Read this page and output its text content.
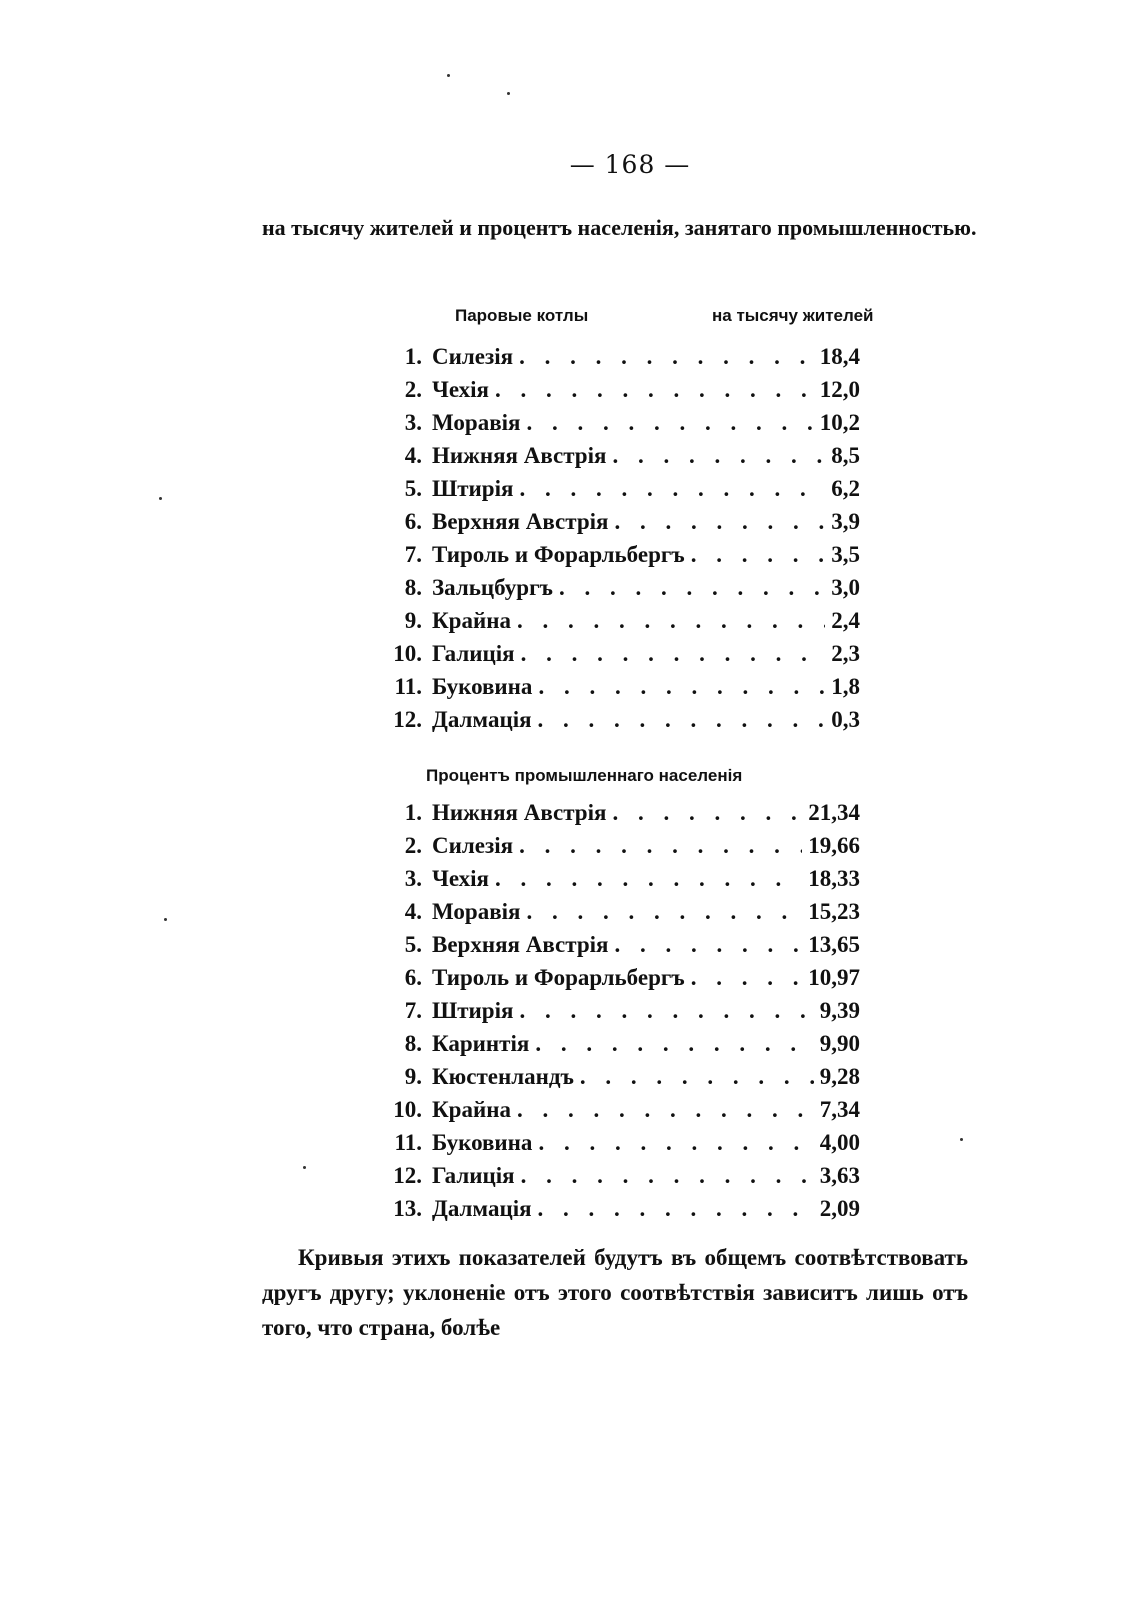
— 168 —
на тысячу жителей и процентъ населенія, занятаго промышленностью.
Паровые котлы	на тысячу жителей
1. Силезія . . .	18,4
2. Чехія . . .	12,0
3. Моравія . . .	10,2
4. Нижняя Австрія . . .	8,5
5. Штирія . . .	6,2
6. Верхняя Австрія . . .	3,9
7. Тироль и Форарльбергъ . . .	3,5
8. Зальцбургъ . . .	3,0
9. Крайна . . .	2,4
10. Галиція . . .	2,3
11. Буковина . . .	1,8
12. Далмація . . .	0,3
Процентъ промышленнаго населенія
1. Нижняя Австрія . . .	21,34
2. Силезія . . .	19,66
3. Чехія . . .	18,33
4. Моравія . . .	15,23
5. Верхняя Австрія . . .	13,65
6. Тироль и Форарльбергъ . . .	10,97
7. Штирія . . .	9,39
8. Каринтія . . .	9,90
9. Кюстенландъ . . .	9,28
10. Крайна . . .	7,34
11. Буковина . . .	4,00
12. Галиція . . .	3,63
13. Далмація . . .	2,09

Кривыя этихъ показателей будутъ въ общемъ соотвѣтствовать другъ другу; уклоненіе отъ этого соотвѣтствія зависитъ лишь отъ того, что страна, болѣе
